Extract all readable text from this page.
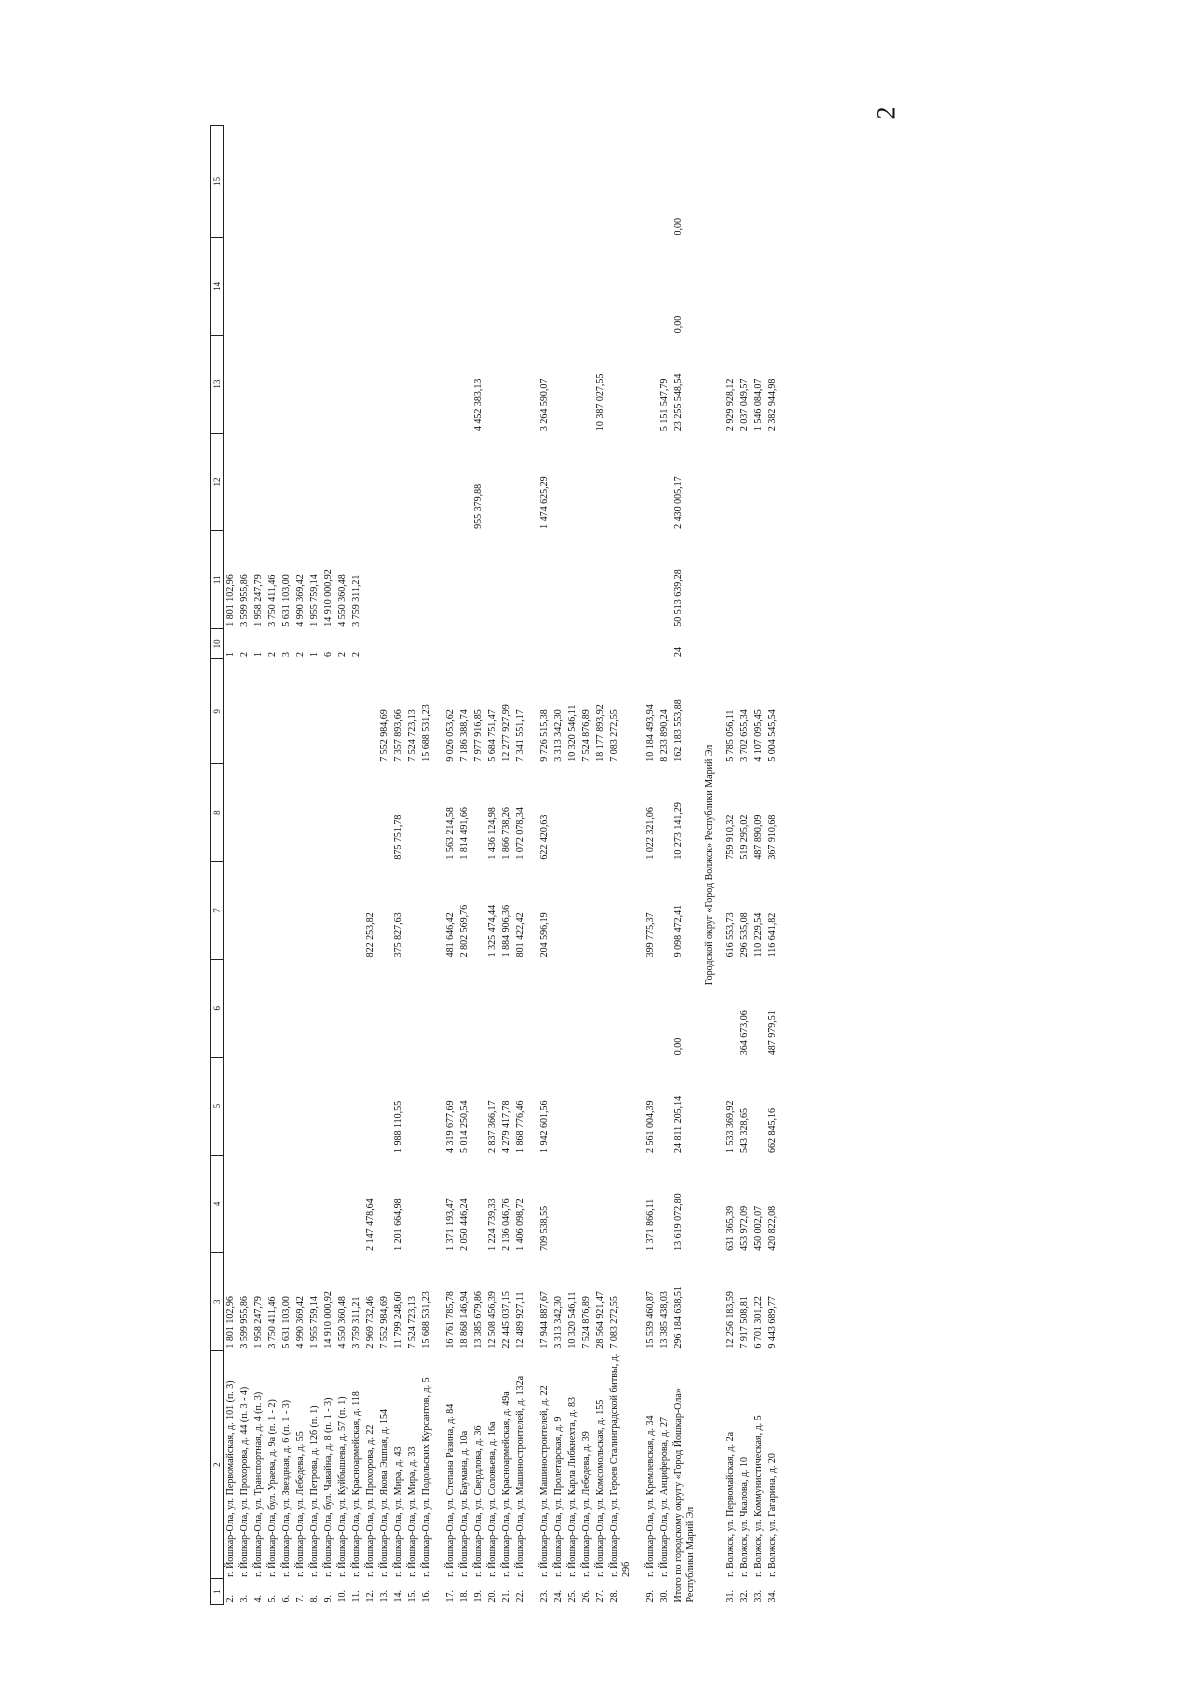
2
1	2	3	4	5	6	7	8	9	10	11	12	13	14	15
2.	г. Йошкар-Ола, ул. Первомайская, д. 101 (п. 3)	1 801 102,96							1	1 801 102,96				
3.	г. Йошкар-Ола, ул. Прохорова, д. 44 (п. 3 - 4)	3 599 955,86							2	3 599 955,86				
4.	г. Йошкар-Ола, ул. Транспортная, д. 4 (п. 3)	1 958 247,79							1	1 958 247,79				
5.	г. Йошкар-Ола, бул. Ураева, д. 9а (п. 1 - 2)	3 750 411,46							2	3 750 411,46				
6.	г. Йошкар-Ола, ул. Звездная, д. 6 (п. 1 - 3)	5 631 103,00							3	5 631 103,00				
7.	г. Йошкар-Ола, ул. Лебедева, д. 55	4 990 369,42							2	4 990 369,42				
8.	г. Йошкар-Ола, ул. Петрова, д. 12б (п. 1)	1 955 759,14							1	1 955 759,14				
9.	г. Йошкар-Ола, бул. Чавайна, д. 8 (п. 1 - 3)	14 910 000,92							6	14 910 000,92				
10.	г. Йошкар-Ола, ул. Куйбышева, д. 57 (п. 1)	4 550 360,48							2	4 550 360,48				
11.	г. Йошкар-Ола, ул. Красноармейская, д. 118	3 759 311,21							2	3 759 311,21				
12.	г. Йошкар-Ола, ул. Прохорова, д. 22	2 969 732,46	2 147 478,64			822 253,82								
13.	г. Йошкар-Ола, ул. Якова Эшпая, д. 154	7 552 984,69						7 552 984,69						
14.	г. Йошкар-Ола, ул. Мира, д. 43	11 799 248,60	1 201 664,98	1 988 110,55		375 827,63	875 751,78	7 357 893,66						
15.	г. Йошкар-Ола, ул. Мира, д. 33	7 524 723,13						7 524 723,13						
16.	г. Йошкар-Ола, ул. Подольских Курсантов, д. 5	15 688 531,23						15 688 531,23						

17.	г. Йошкар-Ола, ул. Степана Разина, д. 84	16 761 785,78	1 371 193,47	4 319 677,69		481 646,42	1 563 214,58	9 026 053,62						
18.	г. Йошкар-Ола, ул. Баумана, д. 10а	18 868 146,94	2 050 446,24	5 014 250,54		2 802 569,76	1 814 491,66	7 186 388,74						
19.	г. Йошкар-Ола, ул. Свердлова, д. 36	13 385 679,86						7 977 916,85			955 379,88	4 452 383,13		
20.	г. Йошкар-Ола, ул. Соловьева, д. 16а	12 508 456,39	1 224 739,33	2 837 366,17		1 325 474,44	1 436 124,98	5 684 751,47						
21.	г. Йошкар-Ола, ул. Красноармейская, д. 49а	22 445 037,15	2 136 046,76	4 279 417,78		1 884 906,36	1 866 738,26	12 277 927,99						
22.	г. Йошкар-Ола, ул. Машиностроителей, д. 132а	12 489 927,11	1 406 098,72	1 868 776,46		801 422,42	1 072 078,34	7 341 551,17						

23.	г. Йошкар-Ола, ул. Машиностроителей, д. 22	17 944 887,67	709 538,55	1 942 601,56		204 596,19	622 420,63	9 726 515,38			1 474 625,29	3 264 590,07		
24.	г. Йошкар-Ола, ул. Пролетарская, д. 9	3 313 342,30						3 313 342,30						
25.	г. Йошкар-Ола, ул. Карла Либкнехта, д. 83	10 320 546,11						10 320 546,11						
26.	г. Йошкар-Ола, ул. Лебедева, д. 39	7 524 876,89						7 524 876,89						
27.	г. Йошкар-Ола, ул. Комсомольская, д. 155	28 564 921,47						18 177 893,92				10 387 027,55		
28.	г. Йошкар-Ола, ул. Героев Сталинградской битвы, д. 29б	7 083 272,55						7 083 272,55						

29.	г. Йошкар-Ола, ул. Кремлевская, д. 34	15 539 460,87	1 371 866,11	2 561 004,39		399 775,37	1 022 321,06	10 184 493,94						
30.	г. Йошкар-Ола, ул. Анциферова, д. 27	13 385 438,03						8 233 890,24				5 151 547,79		
Итого по городскому округу «Город Йошкар-Ола» Республики Марий Эл		296 184 638,51	13 619 072,80	24 811 205,14	0,00	9 098 472,41	10 273 141,29	162 183 553,88	24	50 513 639,28	2 430 005,17	23 255 548,54	0,00	0,00
Городской округ «Город Волжск» Республики Марий Эл														
31.	г. Волжск, ул. Первомайская, д. 2а	12 256 183,59	631 365,39	1 533 369,92		616 553,73	759 910,32	5 785 056,11				2 929 928,12		
32.	г. Волжск, ул. Чкалова, д. 10	7 917 508,81	453 972,09	543 328,65	364 673,06	296 535,08	519 295,02	3 702 655,34				2 037 049,57		
33.	г. Волжск, ул. Коммунистическая, д. 5	6 701 301,22	450 002,07			110 229,54	487 890,09	4 107 095,45				1 546 084,07		
34.	г. Волжск, ул. Гагарина, д. 20	9 443 689,77	420 822,08	662 845,16	487 979,51	116 641,82	367 910,68	5 004 545,54				2 382 944,98		
